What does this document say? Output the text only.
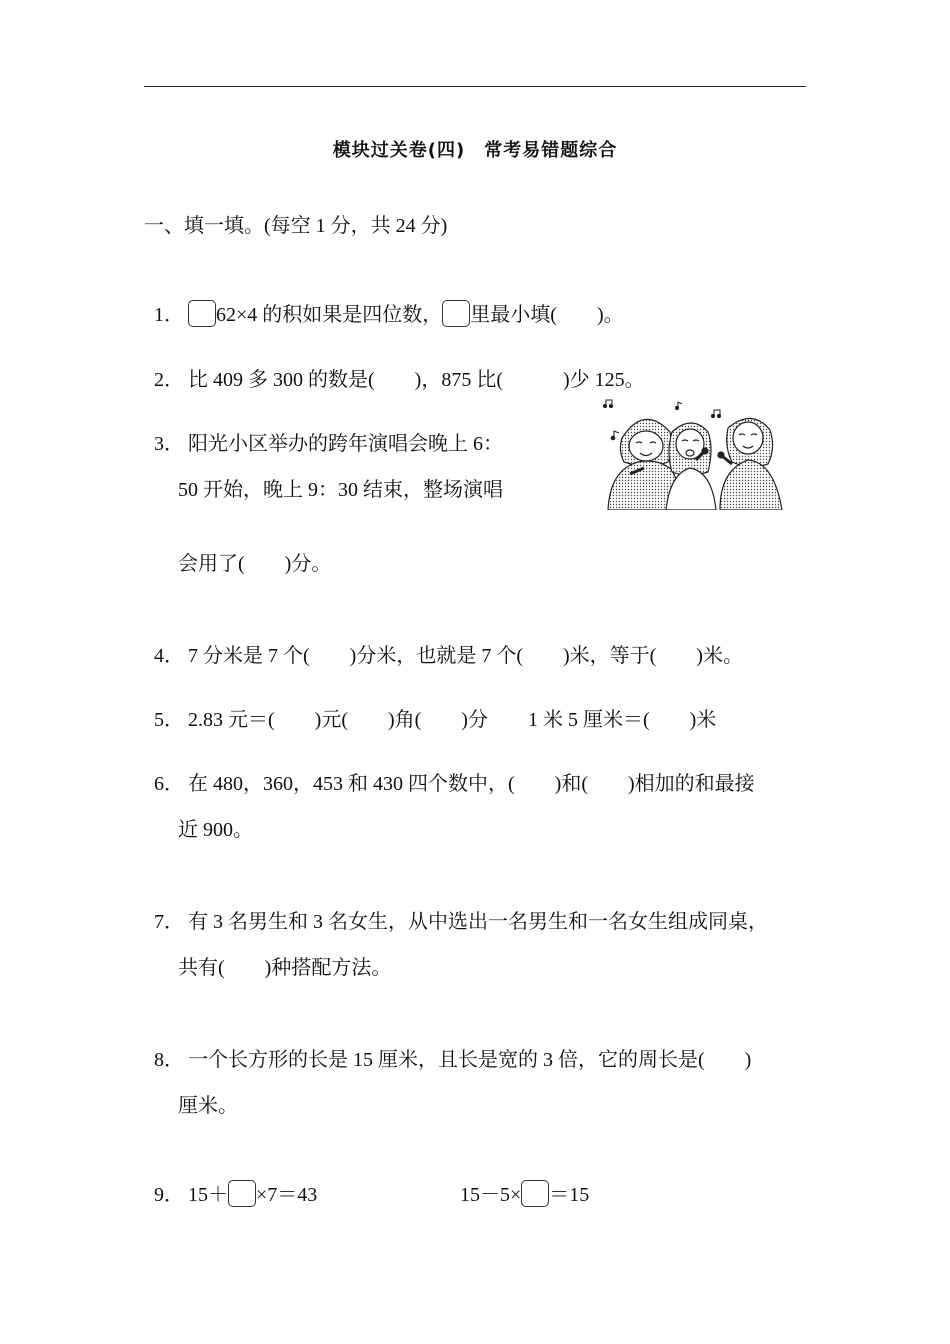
模块过关卷(四)　常考易错题综合
一、填一填。(每空 1 分，共 24 分)

1． 62×4 的积如果是四位数， 里最小填(　　)。

2． 比 409 多 300 的数是(　　)，875 比(　　　)少 125。

3． 阳光小区举办的跨年演唱会晚上 6：

50 开始，晚上 9：30 结束，整场演唱
会用了(　　)分。

4． 7 分米是 7 个(　　)分米，也就是 7 个(　　)米，等于(　　)米。

5． 2.83 元＝(　　)元(　　)角(　　)分　　1 米 5 厘米＝(　　)米

6． 在 480，360，453 和 430 四个数中，(　　)和(　　)相加的和最接

近 900。

7． 有 3 名男生和 3 名女生，从中选出一名男生和一名女生组成同桌，

共有(　　)种搭配方法。

8． 一个长方形的长是 15 厘米，且长是宽的 3 倍，它的周长是(　　)

厘米。

9． 15＋ ×7＝43	15－5× ＝15
